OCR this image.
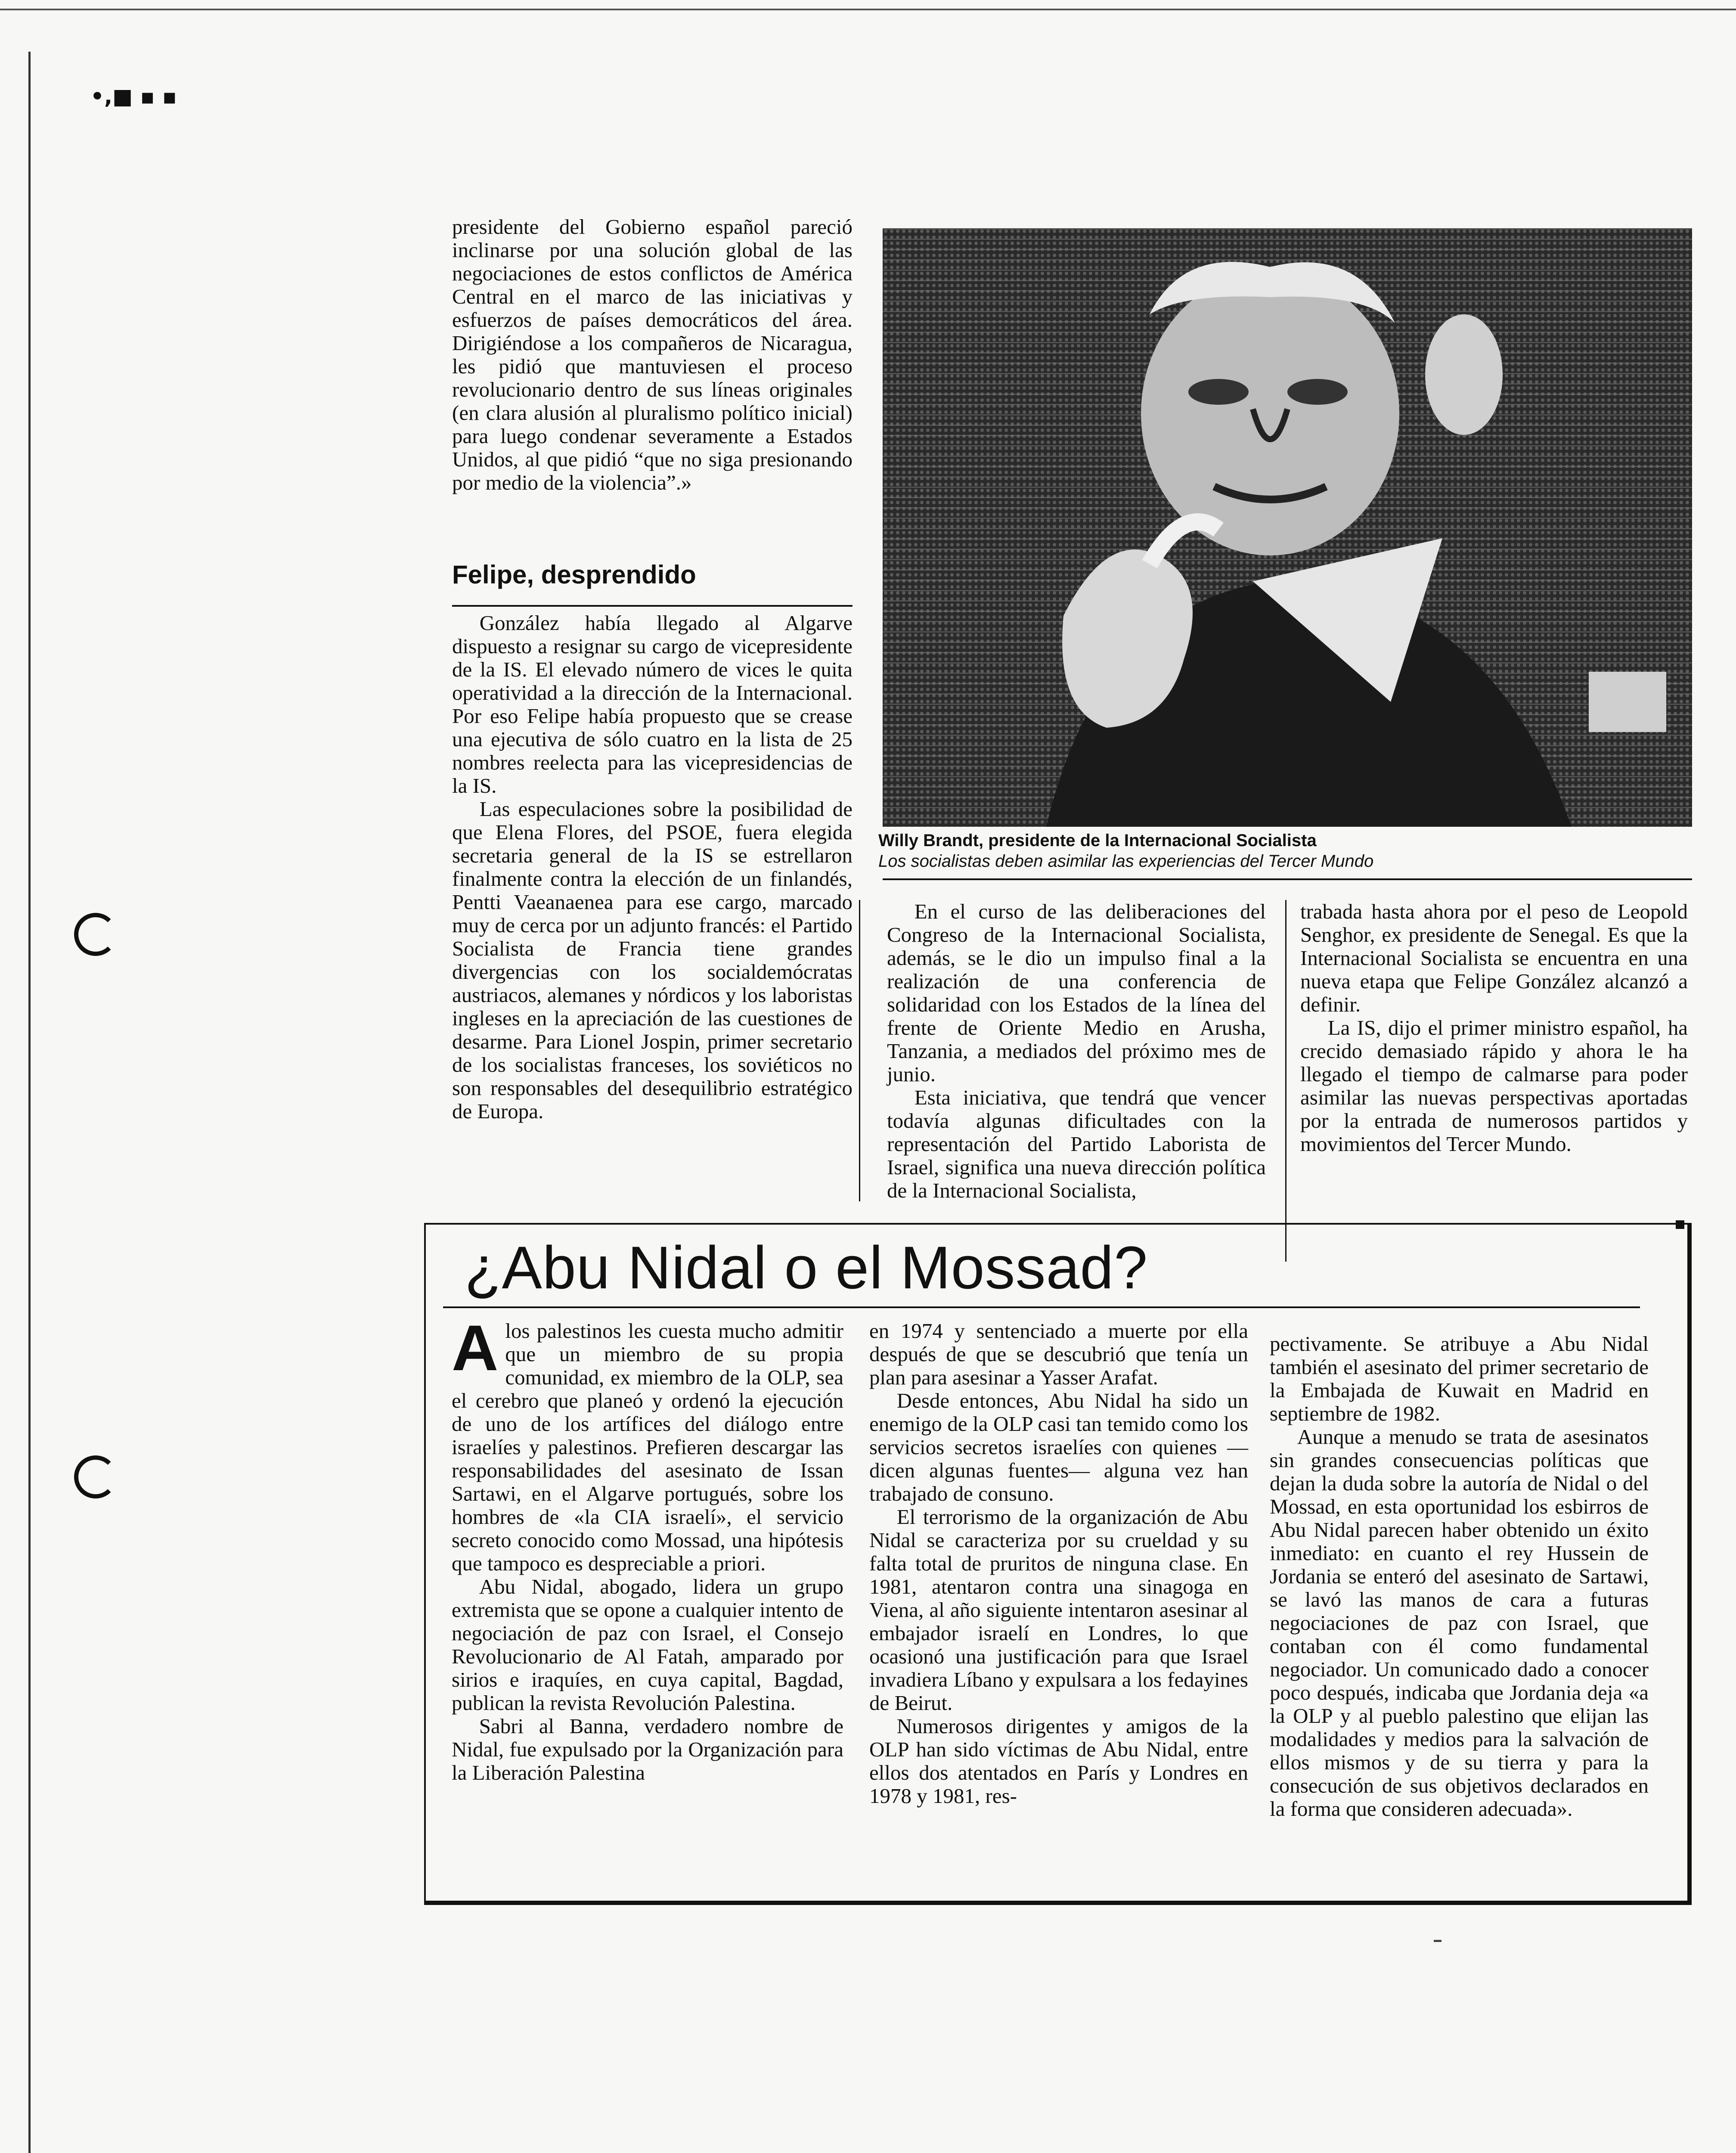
•,■ ▪ ▪

presidente del Gobierno español pareció inclinarse por una solución global de las negociaciones de estos conflictos de América Central en el marco de las iniciativas y esfuerzos de países democráticos del área. Dirigiéndose a los compañeros de Nicaragua, les pidió que mantuviesen el proceso revolucionario dentro de sus líneas originales (en clara alusión al pluralismo político inicial) para luego condenar severamente a Estados Unidos, al que pidió “que no siga presionando por medio de la violencia”.»

Felipe, desprendido

González había llegado al Algarve dispuesto a resignar su cargo de vicepresidente de la IS. El elevado número de vices le quita operatividad a la dirección de la Internacional. Por eso Felipe había propuesto que se crease una ejecutiva de sólo cuatro en la lista de 25 nombres reelecta para las vicepresidencias de la IS.

Las especulaciones sobre la posibilidad de que Elena Flores, del PSOE, fuera elegida secretaria general de la IS se estrellaron finalmente contra la elección de un finlandés, Pentti Vaeanaenea para ese cargo, marcado muy de cerca por un adjunto francés: el Partido Socialista de Francia tiene grandes divergencias con los socialdemócratas austriacos, alemanes y nórdicos y los laboristas ingleses en la apreciación de las cuestiones de desarme. Para Lionel Jospin, primer secretario de los socialistas franceses, los soviéticos no son responsables del desequilibrio estratégico de Europa.

Willy Brandt, presidente de la Internacional Socialista
Los socialistas deben asimilar las experiencias del Tercer Mundo

En el curso de las deliberaciones del Congreso de la Internacional Socialista, además, se le dio un impulso final a la realización de una conferencia de solidaridad con los Estados de la línea del frente de Oriente Medio en Arusha, Tanzania, a mediados del próximo mes de junio.

Esta iniciativa, que tendrá que vencer todavía algunas dificultades con la representación del Partido Laborista de Israel, significa una nueva dirección política de la Internacional Socialista,

trabada hasta ahora por el peso de Leopold Senghor, ex presidente de Senegal. Es que la Internacional Socialista se encuentra en una nueva etapa que Felipe González alcanzó a definir.

La IS, dijo el primer ministro español, ha crecido demasiado rápido y ahora le ha llegado el tiempo de calmarse para poder asimilar las nuevas perspectivas aportadas por la entrada de numerosos partidos y movimientos del Tercer Mundo.

¿Abu Nidal o el Mossad?

Alos palestinos les cuesta mucho admitir que un miembro de su propia comunidad, ex miembro de la OLP, sea el cerebro que planeó y ordenó la ejecución de uno de los artífices del diálogo entre israelíes y palestinos. Prefieren descargar las responsabilidades del asesinato de Issan Sartawi, en el Algarve portugués, sobre los hombres de «la CIA israelí», el servicio secreto conocido como Mossad, una hipótesis que tampoco es despreciable a priori.

Abu Nidal, abogado, lidera un grupo extremista que se opone a cualquier intento de negociación de paz con Israel, el Consejo Revolucionario de Al Fatah, amparado por sirios e iraquíes, en cuya capital, Bagdad, publican la revista Revolución Palestina.

Sabri al Banna, verdadero nombre de Nidal, fue expulsado por la Organización para la Liberación Palestina

en 1974 y sentenciado a muerte por ella después de que se descubrió que tenía un plan para asesinar a Yasser Arafat.

Desde entonces, Abu Nidal ha sido un enemigo de la OLP casi tan temido como los servicios secretos israelíes con quienes —dicen algunas fuentes— alguna vez han trabajado de consuno.

El terrorismo de la organización de Abu Nidal se caracteriza por su crueldad y su falta total de pruritos de ninguna clase. En 1981, atentaron contra una sinagoga en Viena, al año siguiente intentaron asesinar al embajador israelí en Londres, lo que ocasionó una justificación para que Israel invadiera Líbano y expulsara a los fedayines de Beirut.

Numerosos dirigentes y amigos de la OLP han sido víctimas de Abu Nidal, entre ellos dos atentados en París y Londres en 1978 y 1981, res-

pectivamente. Se atribuye a Abu Nidal también el asesinato del primer secretario de la Embajada de Kuwait en Madrid en septiembre de 1982.

Aunque a menudo se trata de asesinatos sin grandes consecuencias políticas que dejan la duda sobre la autoría de Nidal o del Mossad, en esta oportunidad los esbirros de Abu Nidal parecen haber obtenido un éxito inmediato: en cuanto el rey Hussein de Jordania se enteró del asesinato de Sartawi, se lavó las manos de cara a futuras negociaciones de paz con Israel, que contaban con él como fundamental negociador. Un comunicado dado a conocer poco después, indicaba que Jordania deja «a la OLP y al pueblo palestino que elijan las modalidades y medios para la salvación de ellos mismos y de su tierra y para la consecución de sus objetivos declarados en la forma que consideren adecuada».
